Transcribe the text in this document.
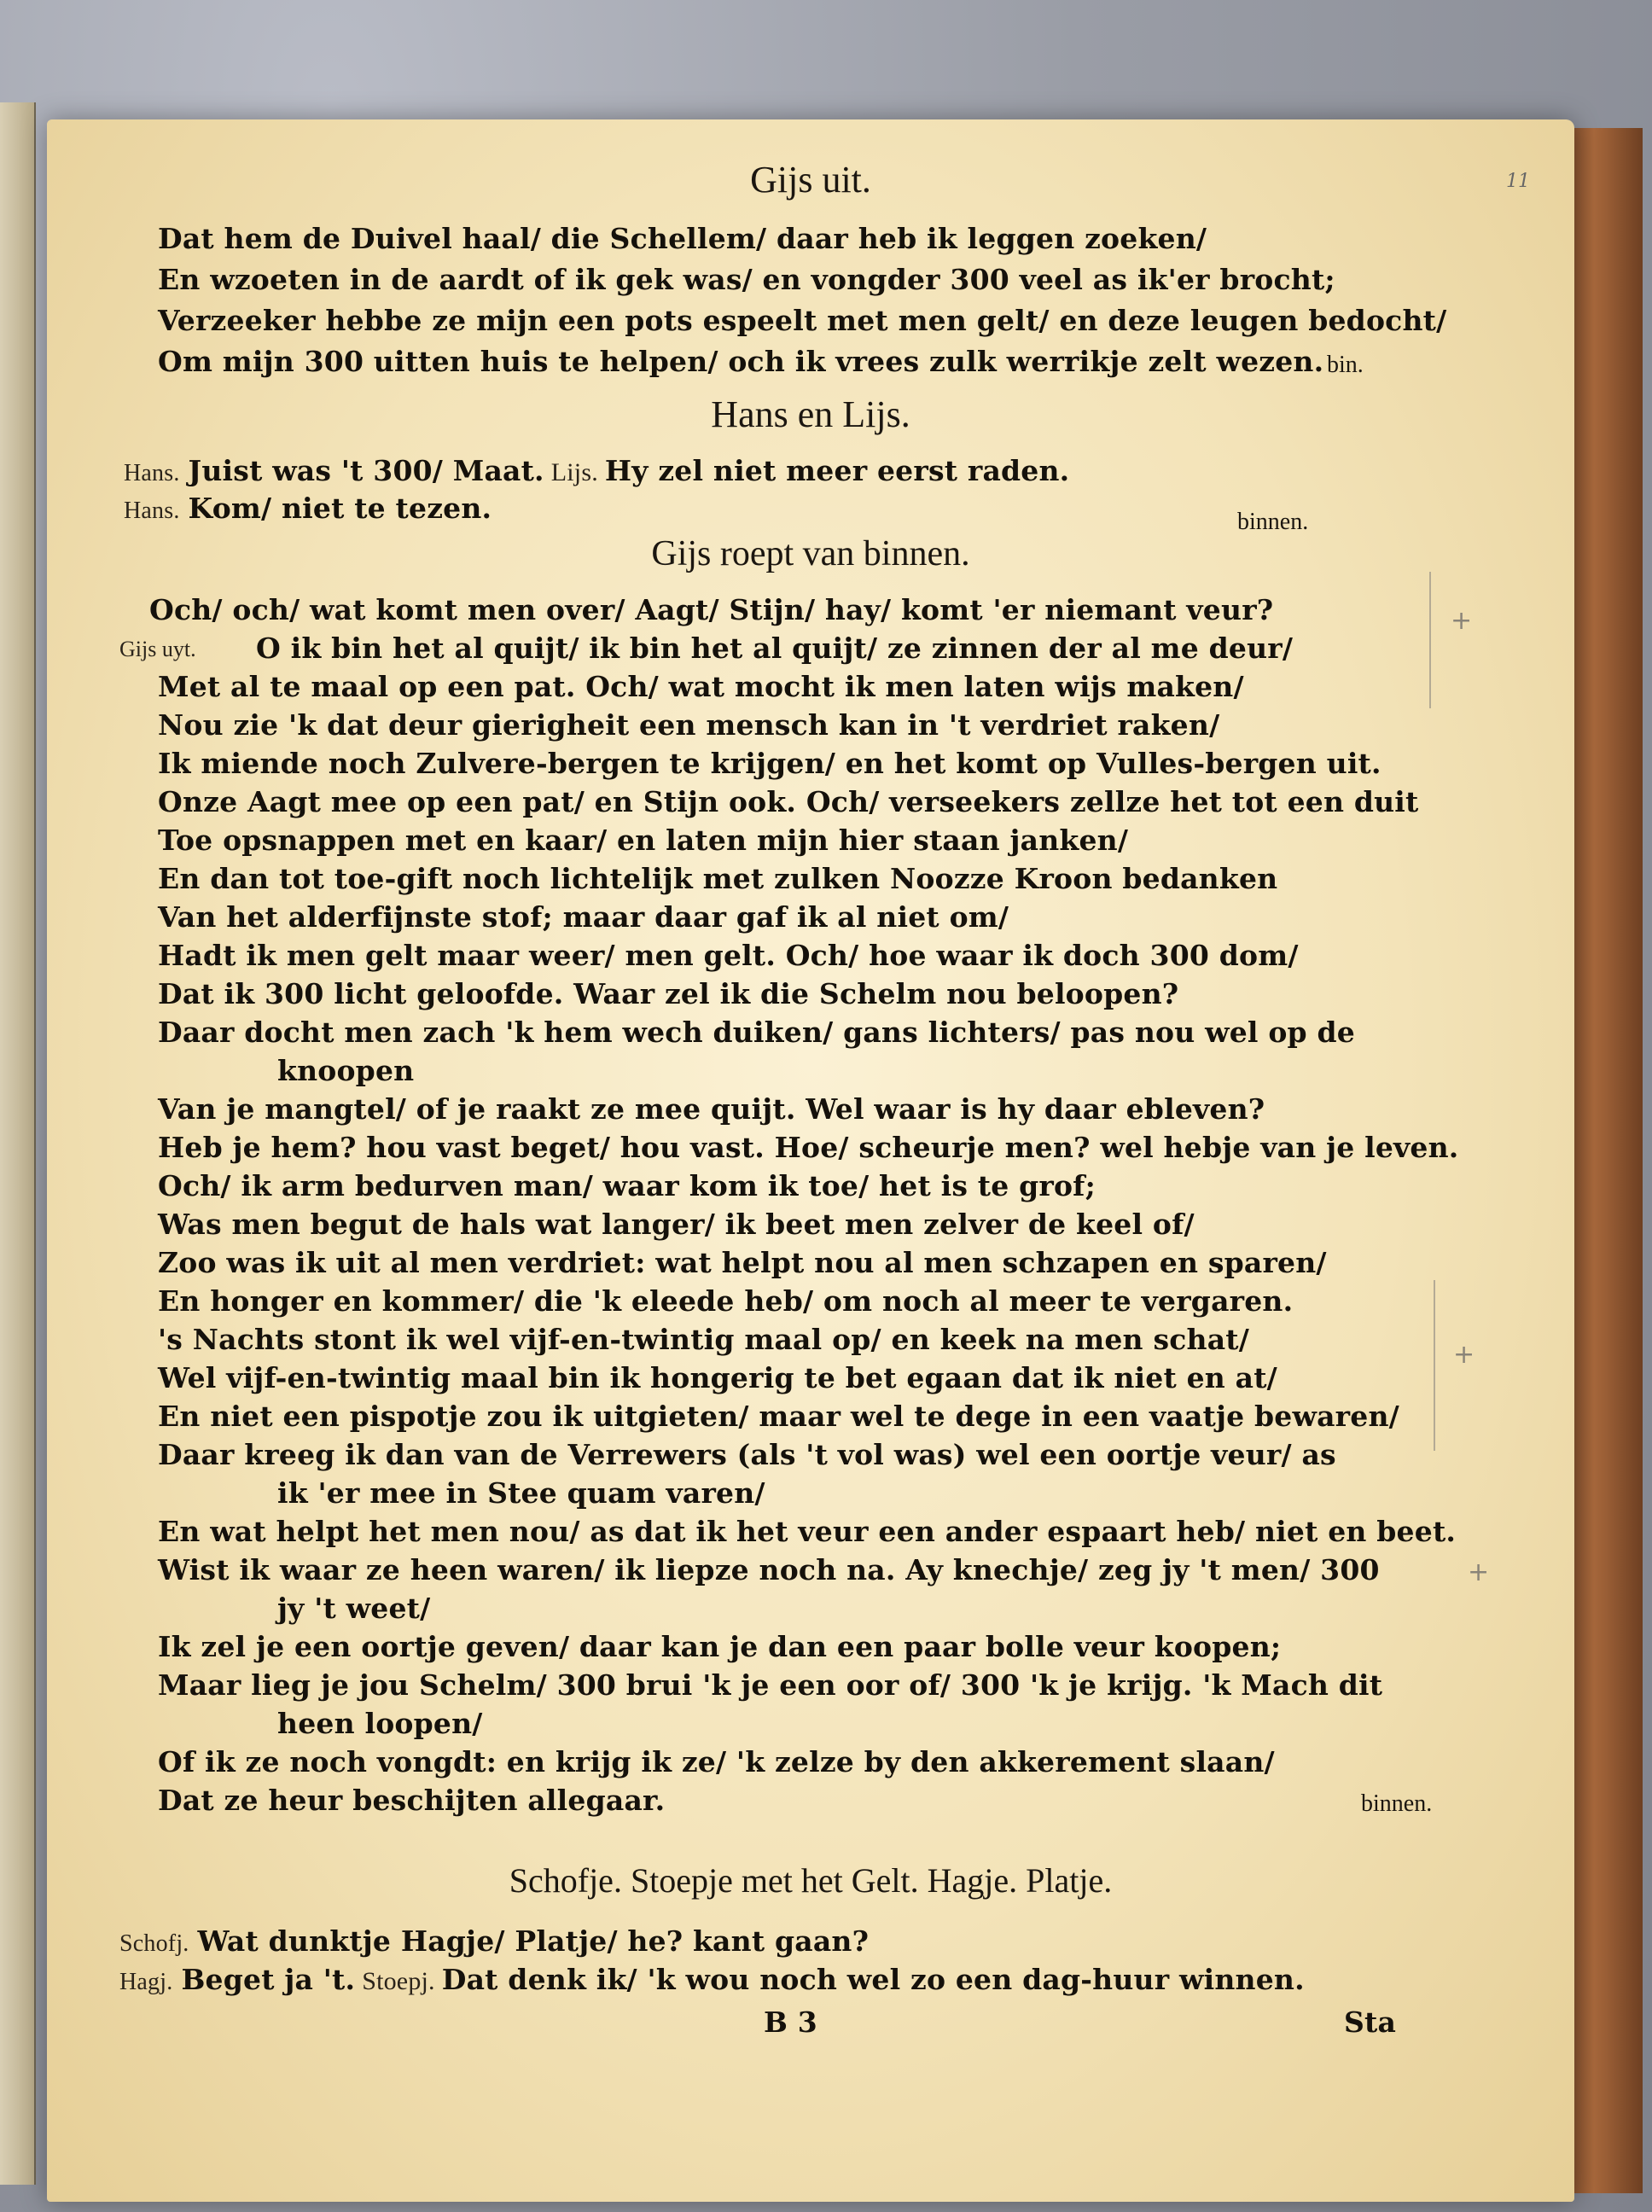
11
Gijs uit.
Dat hem de Duivel haal/ die Schellem/ daar heb ik leggen zoeken/
En wzoeten in de aardt of ik gek was/ en vongder 300 veel as ik'er brocht;
Verzeeker hebbe ze mijn een pots espeelt met men gelt/ en deze leugen bedocht/
Om mijn 300 uitten huis te helpen/ och ik vrees zulk werrikje zelt wezen. bin.
Hans en Lijs.
Hans. Juist was 't 300/ Maat. Lijs. Hy zel niet meer eerst raden.
Hans. Kom/ niet te tezen.	binnen.
Gijs roept van binnen.
Och/ och/ wat komt men over/ Aagt/ Stijn/ hay/ komt 'er niemant veur?
Gijs uyt. O ik bin het al quijt/ ik bin het al quijt/ ze zinnen der al me deur/
Met al te maal op een pat. Och/ wat mocht ik men laten wijs maken/
Nou zie 'k dat deur gierigheit een mensch kan in 't verdriet raken/
Ik miende noch Zulvere-bergen te krijgen/ en het komt op Vulles-bergen uit.
Onze Aagt mee op een pat/ en Stijn ook. Och/ verseekers zellze het tot een duit
Toe opsnappen met en kaar/ en laten mijn hier staan janken/
En dan tot toe-gift noch lichtelijk met zulken Noozze Kroon bedanken
Van het alderfijnste stof; maar daar gaf ik al niet om/
Hadt ik men gelt maar weer/ men gelt. Och/ hoe waar ik doch 300 dom/
Dat ik 300 licht geloofde. Waar zel ik die Schelm nou beloopen?
Daar docht men zach 'k hem wech duiken/ gans lichters/ pas nou wel op de
knoopen
Van je mangtel/ of je raakt ze mee quijt. Wel waar is hy daar ebleven?
Heb je hem? hou vast beget/ hou vast. Hoe/ scheurje men? wel hebje van je leven.
Och/ ik arm bedurven man/ waar kom ik toe/ het is te grof;
Was men begut de hals wat langer/ ik beet men zelver de keel of/
Zoo was ik uit al men verdriet: wat helpt nou al men schzapen en sparen/
En honger en kommer/ die 'k eleede heb/ om noch al meer te vergaren.
's Nachts stont ik wel vijf-en-twintig maal op/ en keek na men schat/
Wel vijf-en-twintig maal bin ik hongerig te bet egaan dat ik niet en at/
En niet een pispotje zou ik uitgieten/ maar wel te dege in een vaatje bewaren/
Daar kreeg ik dan van de Verrewers (als 't vol was) wel een oortje veur/ as
ik 'er mee in Stee quam varen/
En wat helpt het men nou/ as dat ik het veur een ander espaart heb/ niet en beet.
Wist ik waar ze heen waren/ ik liepze noch na. Ay knechje/ zeg jy 't men/ 300
jy 't weet/
Ik zel je een oortje geven/ daar kan je dan een paar bolle veur koopen;
Maar lieg je jou Schelm/ 300 brui 'k je een oor of/ 300 'k je krijg. 'k Mach dit
heen loopen/
Of ik ze noch vongdt: en krijg ik ze/ 'k zelze by den akkerement slaan/
Dat ze heur beschijten allegaar.	binnen.
Schofje. Stoepje met het Gelt. Hagje. Platje.
Schofj. Wat dunktje Hagje/ Platje/ he? kant gaan?
Hagj. Beget ja 't. Stoepj. Dat denk ik/ 'k wou noch wel zo een dag-huur winnen.
B 3	Sta
+
+
+
